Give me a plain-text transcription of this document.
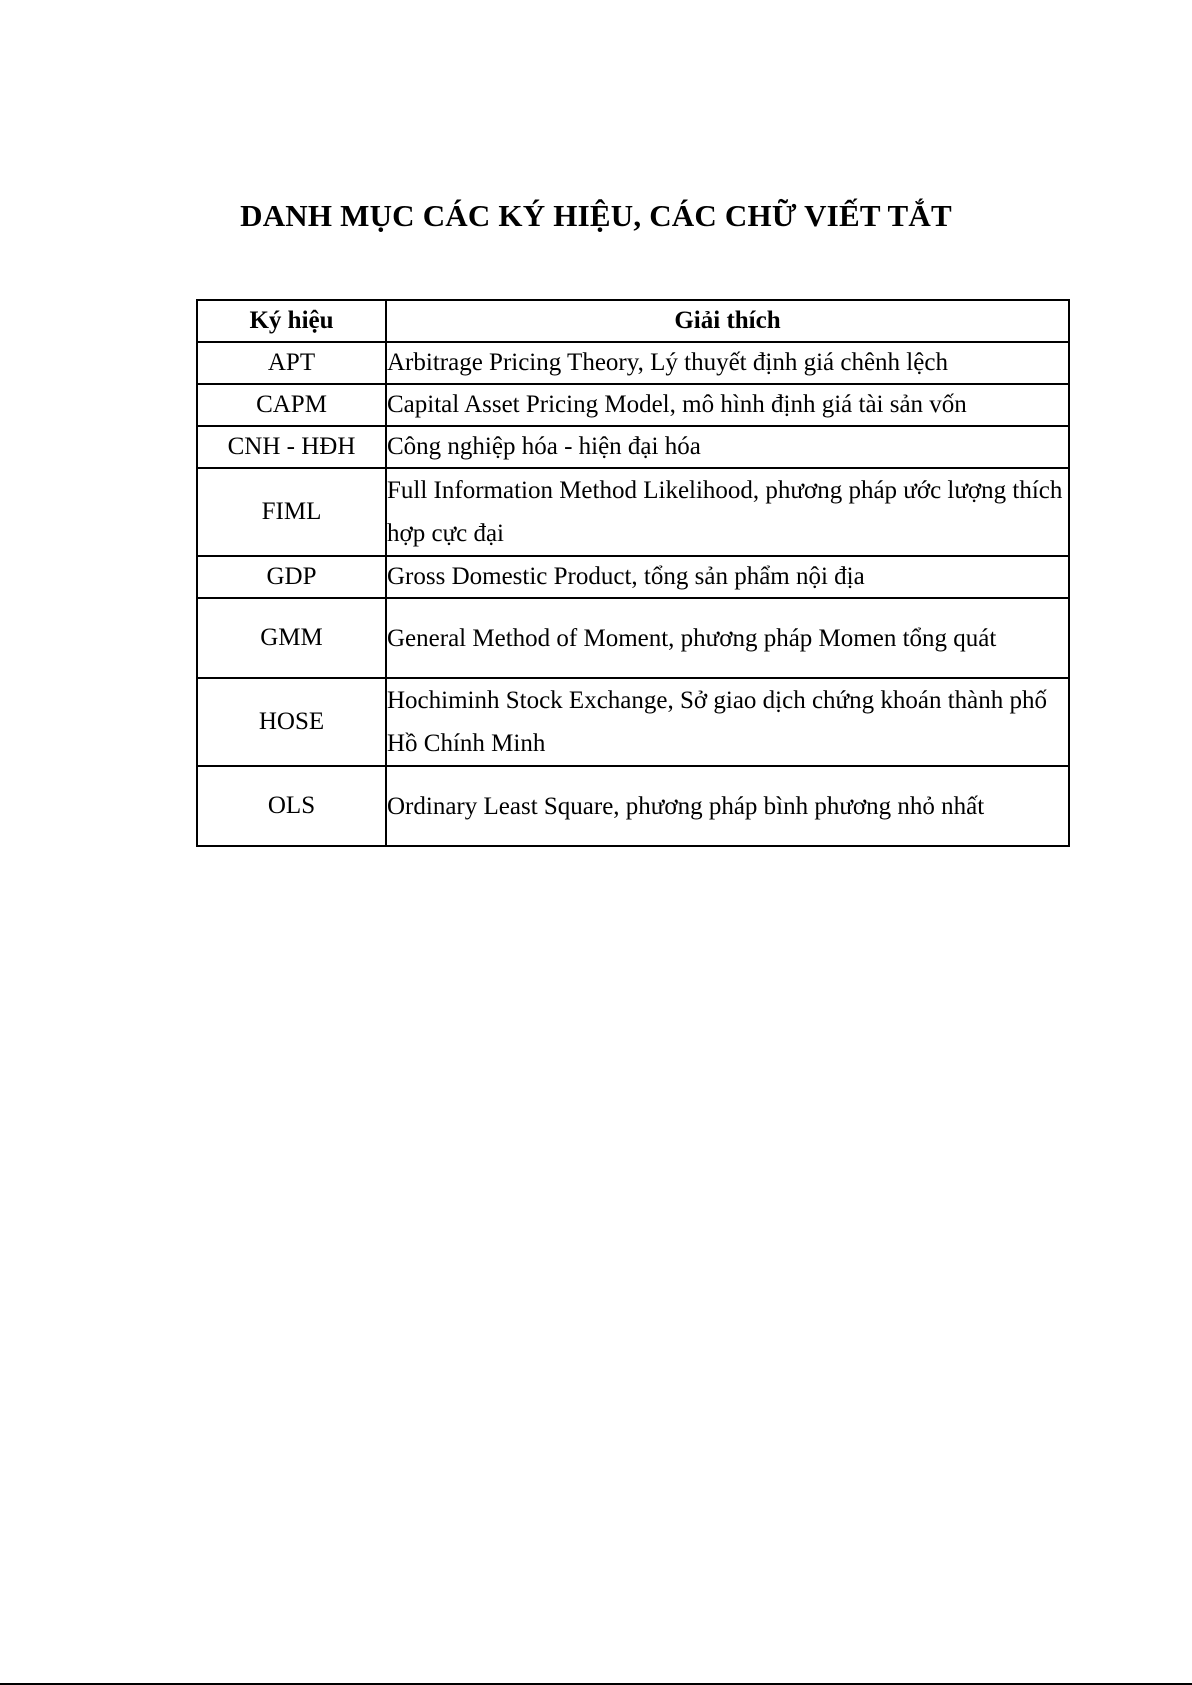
DANH MỤC CÁC KÝ HIỆU, CÁC CHỮ VIẾT TẮT
Ký hiệu	Giải thích
APT	Arbitrage Pricing Theory, Lý thuyết định giá chênh lệch
CAPM	Capital Asset Pricing Model, mô hình định giá tài sản vốn
CNH - HĐH	Công nghiệp hóa - hiện đại hóa
FIML	Full Information Method Likelihood, phương pháp ước lượng thích hợp cực đại
GDP	Gross Domestic Product, tổng sản phẩm nội địa
GMM	General Method of Moment, phương pháp Momen tổng quát
HOSE	Hochiminh Stock Exchange, Sở giao dịch chứng khoán thành phố Hồ Chính Minh
OLS	Ordinary Least Square, phương pháp bình phương nhỏ nhất
